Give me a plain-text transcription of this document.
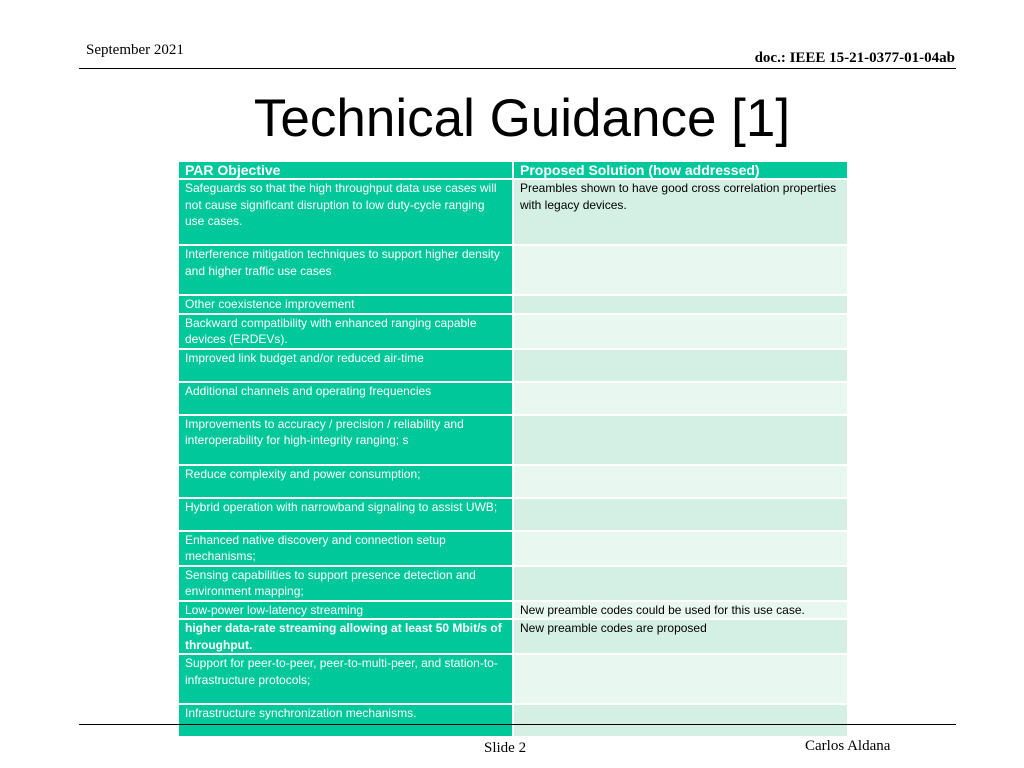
September 2021	doc.: IEEE 15-21-0377-01-04ab
Technical Guidance [1]
PAR Objective	Proposed Solution (how addressed)
Safeguards so that the high throughput data use cases will not cause significant disruption to low duty-cycle ranging use cases.	Preambles shown to have good cross correlation properties with legacy devices.
Interference mitigation techniques to support higher density and higher traffic use cases	
Other coexistence improvement	
Backward compatibility with enhanced ranging capable devices (ERDEVs).	
Improved link budget and/or reduced air-time	
Additional channels and operating frequencies	
Improvements to accuracy / precision / reliability and interoperability for high-integrity ranging; s	
Reduce complexity and power consumption;	
Hybrid operation with narrowband signaling to assist UWB;	
Enhanced native discovery and connection setup mechanisms;	
Sensing capabilities to support presence detection and environment mapping;	
Low-power low-latency streaming	New preamble codes could be used for this use case.
higher data-rate streaming allowing at least 50 Mbit/s of throughput.	New preamble codes are proposed
Support for peer-to-peer, peer-to-multi-peer, and station-to-infrastructure protocols;	
Infrastructure synchronization mechanisms.	
Slide 2	Carlos Aldana
